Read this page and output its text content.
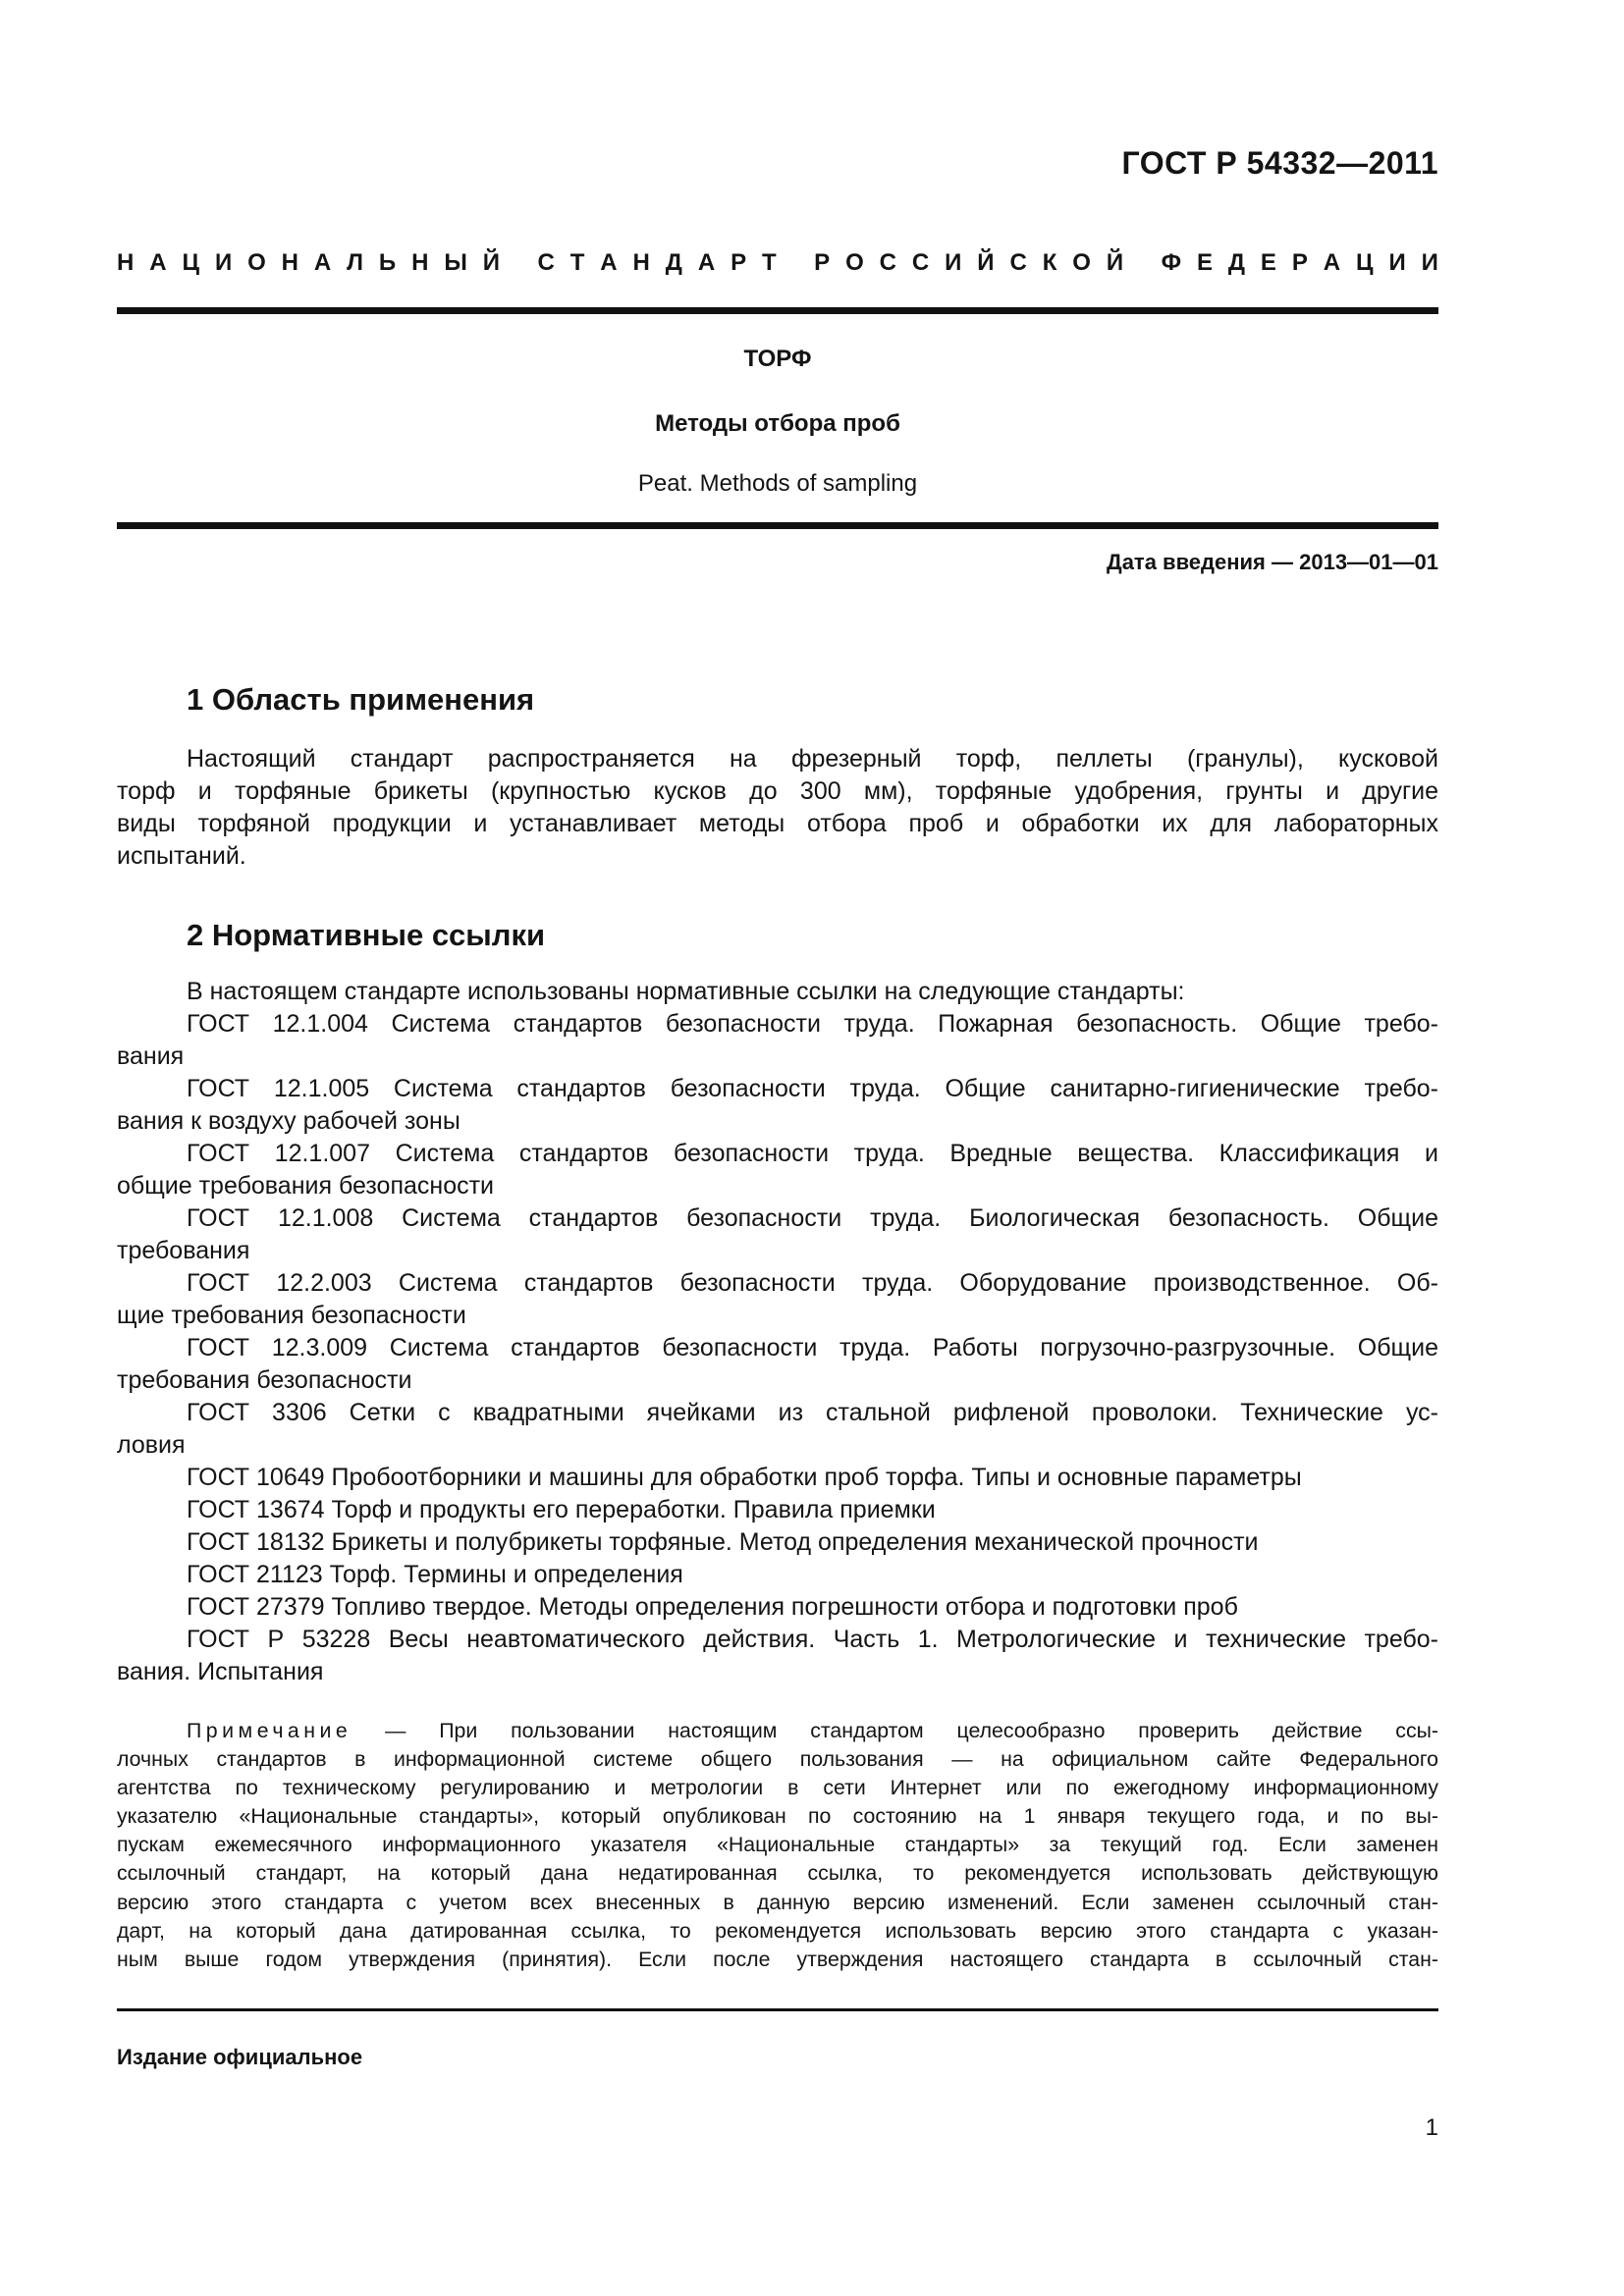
ГОСТ Р 54332—2011
Н А Ц И О Н А Л Ь Н Ы Й
С Т А Н Д А Р Т
Р О С С И Й С К О Й
Ф Е Д Е Р А Ц И И
ТОРФ
Методы отбора проб
Peat. Methods of sampling
Дата введения — 2013—01—01
1 Область применения
Настоящий стандарт распространяется на фрезерный торф, пеллеты (гранулы), кусковой
торф и торфяные брикеты (крупностью кусков до 300 мм), торфяные удобрения, грунты и другие
виды торфяной продукции и устанавливает методы отбора проб и обработки их для лабораторных
испытаний.
2 Нормативные ссылки
В настоящем стандарте использованы нормативные ссылки на следующие стандарты:
ГОСТ 12.1.004 Система стандартов безопасности труда. Пожарная безопасность. Общие требо-
вания
ГОСТ 12.1.005 Система стандартов безопасности труда. Общие санитарно-гигиенические требо-
вания к воздуху рабочей зоны
ГОСТ 12.1.007 Система стандартов безопасности труда. Вредные вещества. Классификация и
общие требования безопасности
ГОСТ 12.1.008 Система стандартов безопасности труда. Биологическая безопасность. Общие
требования
ГОСТ 12.2.003 Система стандартов безопасности труда. Оборудование производственное. Об-
щие требования безопасности
ГОСТ 12.3.009 Система стандартов безопасности труда. Работы погрузочно-разгрузочные. Общие
требования безопасности
ГОСТ 3306 Сетки с квадратными ячейками из стальной рифленой проволоки. Технические ус-
ловия
ГОСТ 10649 Пробоотборники и машины для обработки проб торфа. Типы и основные параметры
ГОСТ 13674 Торф и продукты его переработки. Правила приемки
ГОСТ 18132 Брикеты и полубрикеты торфяные. Метод определения механической прочности
ГОСТ 21123 Торф. Термины и определения
ГОСТ 27379 Топливо твердое. Методы определения погрешности отбора и подготовки проб
ГОСТ Р 53228 Весы неавтоматического действия. Часть 1. Метрологические и технические требо-
вания. Испытания
Примечание — При пользовании настоящим стандартом целесообразно проверить действие ссы-
лочных стандартов в информационной системе общего пользования — на официальном сайте Федерального
агентства по техническому регулированию и метрологии в сети Интернет или по ежегодному информационному
указателю «Национальные стандарты», который опубликован по состоянию на 1 января текущего года, и по вы-
пускам ежемесячного информационного указателя «Национальные стандарты» за текущий год. Если заменен
ссылочный стандарт, на который дана недатированная ссылка, то рекомендуется использовать действующую
версию этого стандарта с учетом всех внесенных в данную версию изменений. Если заменен ссылочный стан-
дарт, на который дана датированная ссылка, то рекомендуется использовать версию этого стандарта с указан-
ным выше годом утверждения (принятия). Если после утверждения настоящего стандарта в ссылочный стан-
Издание официальное
1
